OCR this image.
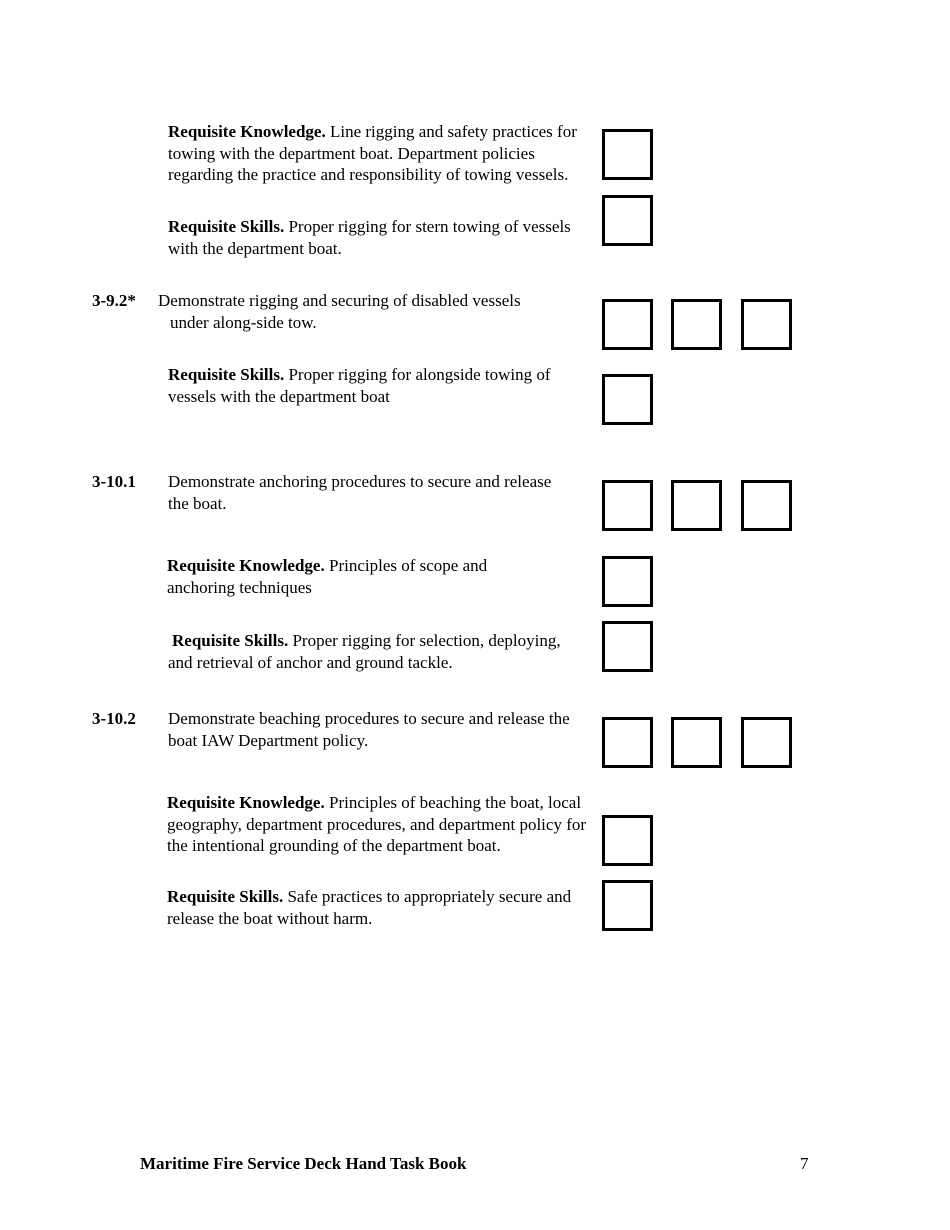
Requisite Knowledge. Line rigging and safety practices for towing with the department boat. Department policies regarding the practice and responsibility of towing vessels.

Requisite Skills. Proper rigging for stern towing of vessels with the department boat.

3-9.2* Demonstrate rigging and securing of disabled vessels
under along-side tow.

Requisite Skills. Proper rigging for alongside towing of vessels with the department boat

3-10.1 Demonstrate anchoring procedures to secure and release the boat.

Requisite Knowledge. Principles of scope and anchoring techniques

Requisite Skills. Proper rigging for selection, deploying, and retrieval of anchor and ground tackle.

3-10.2 Demonstrate beaching procedures to secure and release the boat IAW Department policy.

Requisite Knowledge. Principles of beaching the boat, local geography, department procedures, and department policy for the intentional grounding of the department boat.

Requisite Skills. Safe practices to appropriately secure and release the boat without harm.

Maritime Fire Service Deck Hand Task Book	7
